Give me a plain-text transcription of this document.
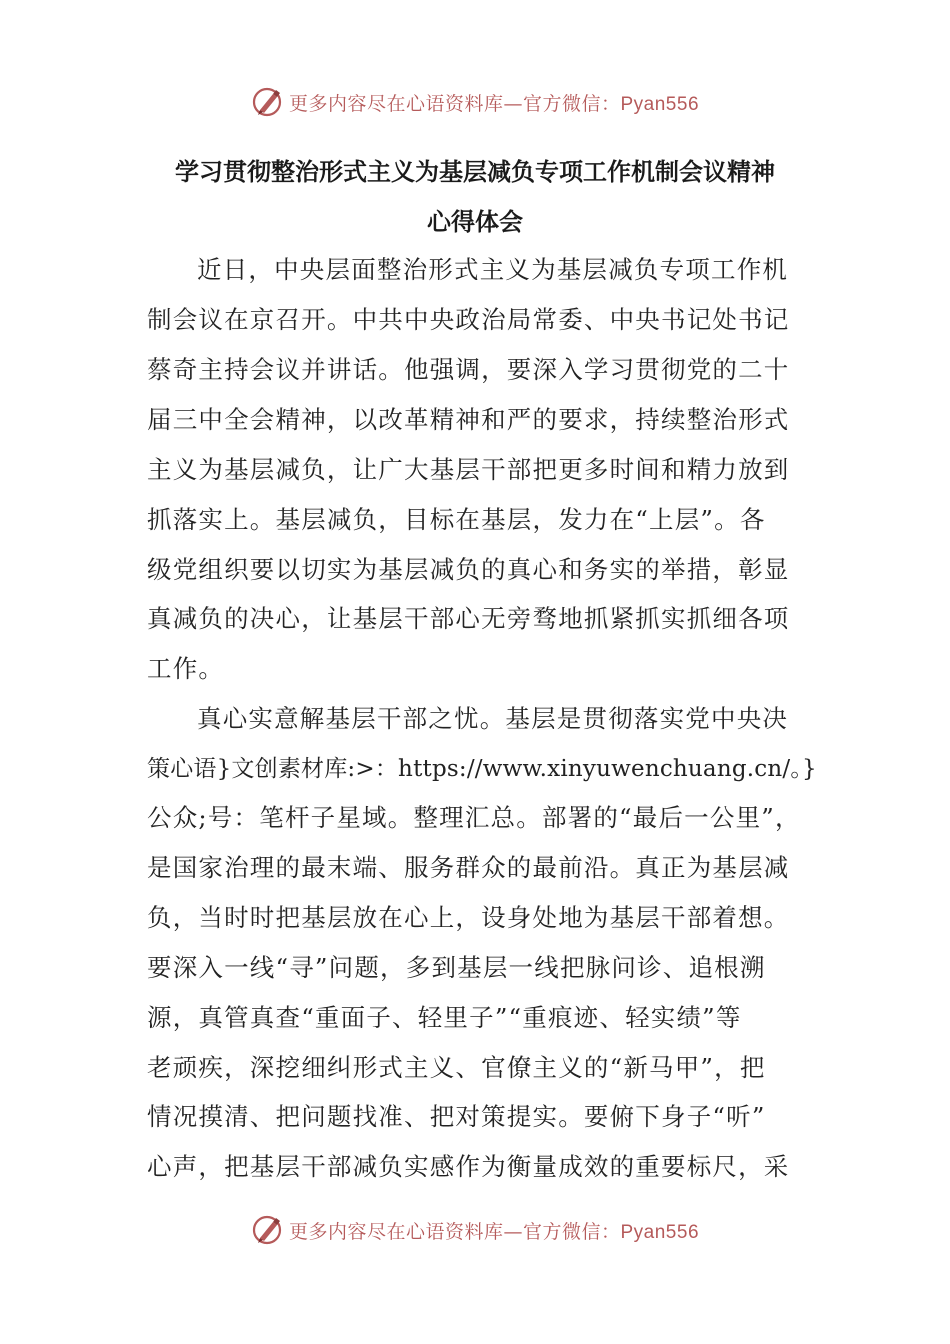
更多内容尽在心语资料库—官方微信：Pyan556
学习贯彻整治形式主义为基层减负专项工作机制会议精神
心得体会
近日，中央层面整治形式主义为基层减负专项工作机
制会议在京召开。中共中央政治局常委、中央书记处书记
蔡奇主持会议并讲话。他强调，要深入学习贯彻党的二十
届三中全会精神，以改革精神和严的要求，持续整治形式
主义为基层减负，让广大基层干部把更多时间和精力放到
抓落实上。基层减负，目标在基层，发力在“上层”。各
级党组织要以切实为基层减负的真心和务实的举措，彰显
真减负的决心，让基层干部心无旁骛地抓紧抓实抓细各项
工作。
真心实意解基层干部之忧。基层是贯彻落实党中央决
策心语}文创素材库:>：https://www.xinyuwenchuang.cn/。}
公众;号：笔杆子星域。整理汇总。部署的“最后一公里”，
是国家治理的最末端、服务群众的最前沿。真正为基层减
负，当时时把基层放在心上，设身处地为基层干部着想。
要深入一线“寻”问题，多到基层一线把脉问诊、追根溯
源，真管真查“重面子、轻里子”“重痕迹、轻实绩”等
老顽疾，深挖细纠形式主义、官僚主义的“新马甲”，把
情况摸清、把问题找准、把对策提实。要俯下身子“听”
心声，把基层干部减负实感作为衡量成效的重要标尺，采
更多内容尽在心语资料库—官方微信：Pyan556
